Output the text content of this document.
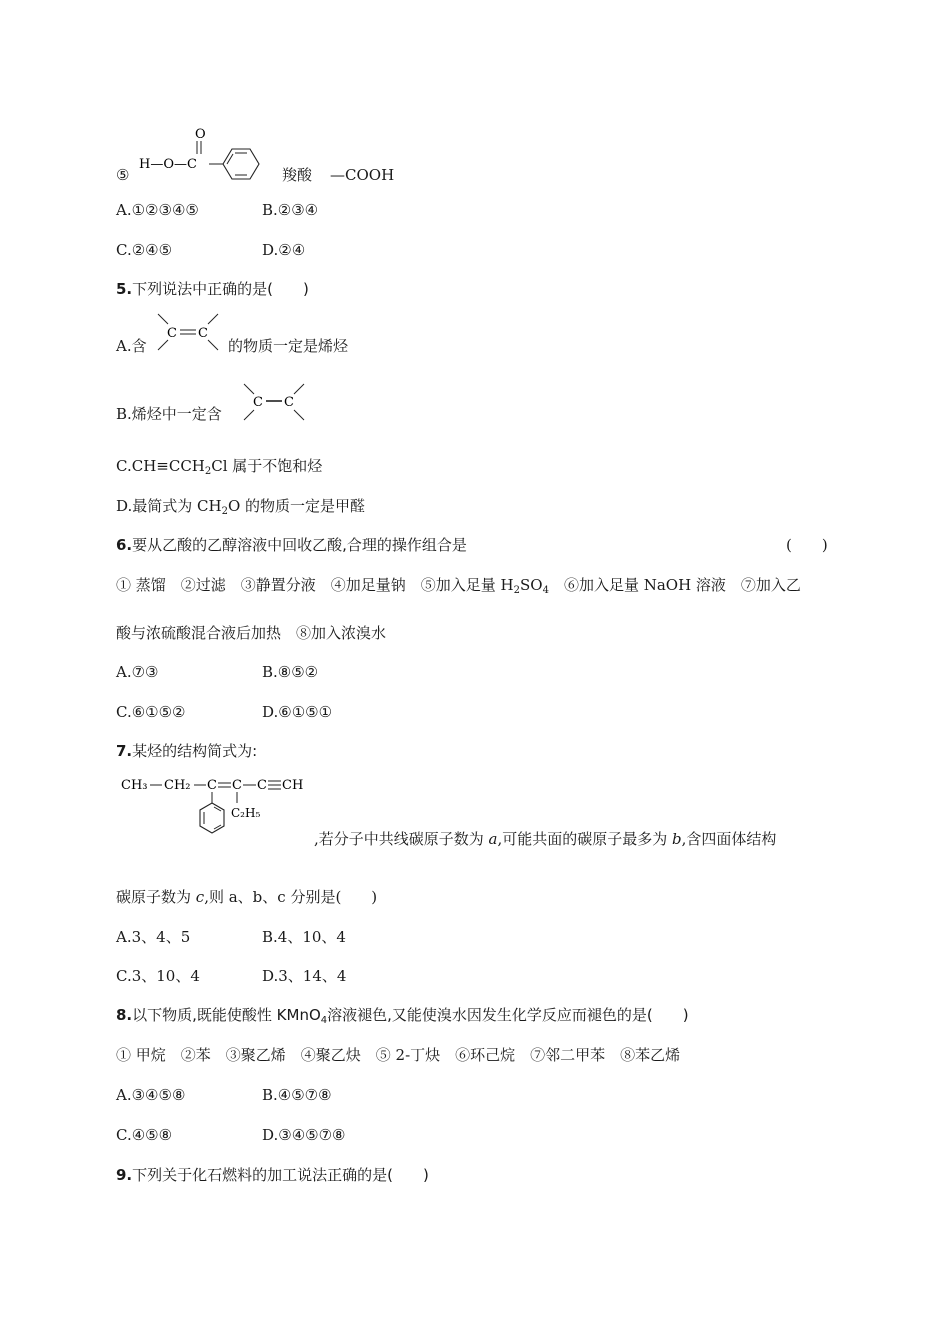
⑤
O
H—O—C
羧酸 —COOH
A.①②③④⑤	B.②③④
C.②④⑤	D.②④
5.下列说法中正确的是(　　)
A.含
C C
的物质一定是烯烃
B.烯烃中一定含
C C
$C.CH\equiv CCH_2Cl$ 属于不饱和烃
D.最简式为 $CH_2O$ 的物质一定是甲醛
6.要从乙酸的乙醇溶液中回收乙酸,合理的操作组合是	(　　)
① 蒸馏　②过滤　③静置分液　④加足量钠　⑤加入足量 $H_2SO_4$　⑥加入足量 NaOH 溶液　⑦加入乙
酸与浓硫酸混合液后加热　⑧加入浓溴水
A.⑦③	B.⑧⑤②
C.⑥①⑤②	D.⑥①⑤①
7.某烃的结构简式为:
CH₃ CH₂ C C C CH
C₂H₅
,若分子中共线碳原子数为 a,可能共面的碳原子最多为 b,含四面体结构
碳原子数为 c,则 a、b、c 分别是(　　)
A.3、4、5	B.4、10、4
C.3、10、4	D.3、14、4
8.以下物质,既能使酸性 KMnO$_4$溶液褪色,又能使溴水因发生化学反应而褪色的是(　　)
① 甲烷　②苯　③聚乙烯　④聚乙炔　⑤ 2-丁炔　⑥环己烷　⑦邻二甲苯　⑧苯乙烯
A.③④⑤⑧	B.④⑤⑦⑧
C.④⑤⑧	D.③④⑤⑦⑧
9.下列关于化石燃料的加工说法正确的是(　　)
